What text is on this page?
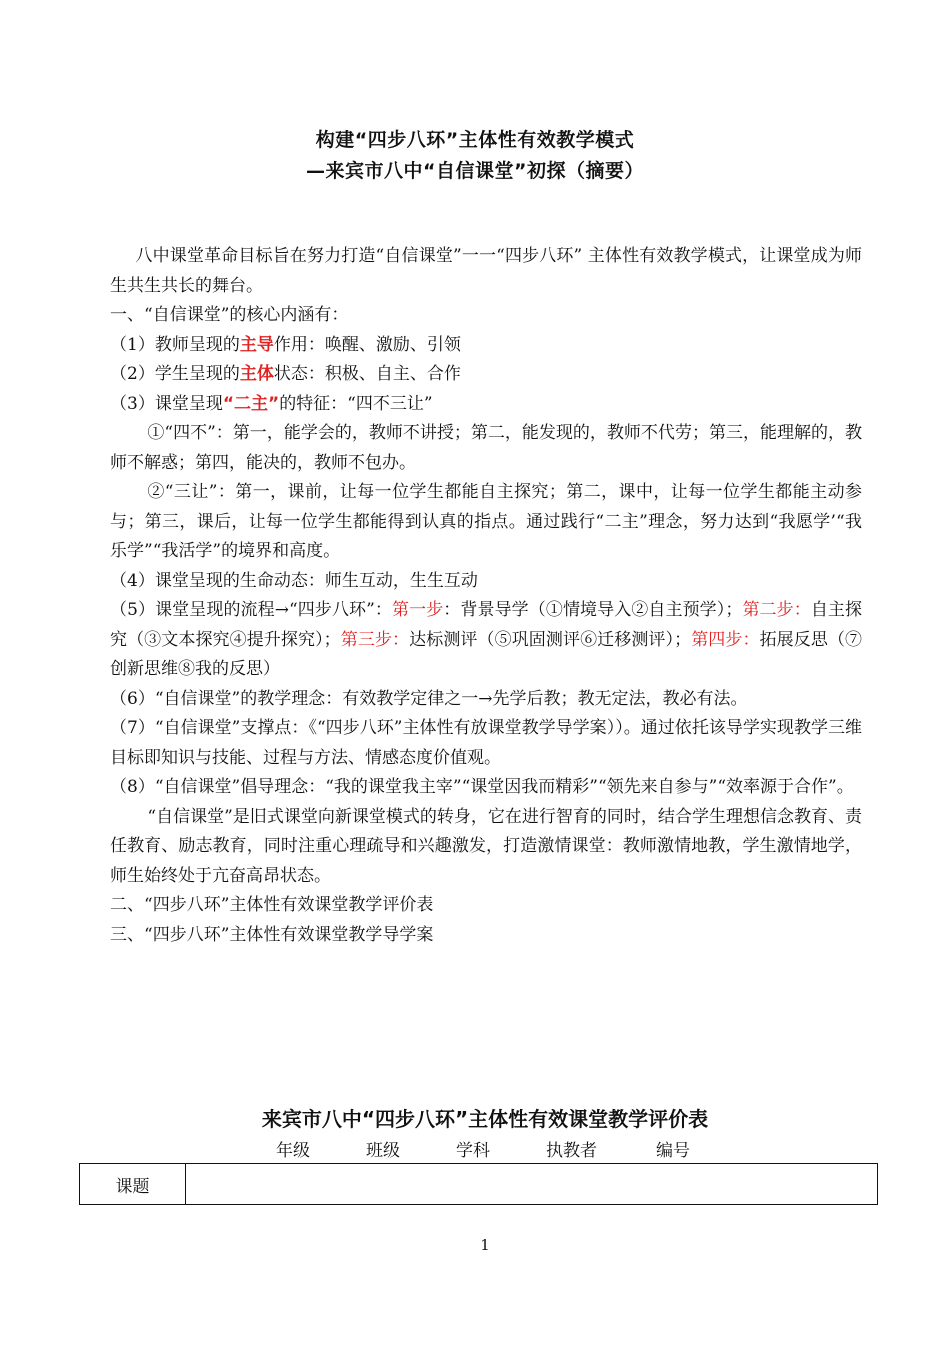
构建“四步八环”主体性有效教学模式
—来宾市八中“自信课堂”初探（摘要）

八中课堂革命目标旨在努力打造“自信课堂”一一“四步八环” 主体性有效教学模式，让课堂成为师生共生共长的舞台。

一、“自信课堂”的核心内涵有：

（1）教师呈现的主导作用：唤醒、激励、引领

（2）学生呈现的主体状态：积极、自主、合作

（3）课堂呈现“二主”的特征：“四不三让”

①“四不”：第一，能学会的，教师不讲授；第二，能发现的，教师不代劳；第三，能理解的，教师不解惑；第四，能决的，教师不包办。

②“三让”：第一，课前，让每一位学生都能自主探究；第二，课中，让每一位学生都能主动参与；第三，课后，让每一位学生都能得到认真的指点。通过践行“二主”理念，努力达到“我愿学’“我乐学”“我活学”的境界和高度。

（4）课堂呈现的生命动态：师生互动，生生互动

（5）课堂呈现的流程→“四步八环”：第一步：背景导学（①情境导入②自主预学）；第二步：自主探究（③文本探究④提升探究）；第三步：达标测评（⑤巩固测评⑥迁移测评）；第四步：拓展反思（⑦创新思维⑧我的反思）

（6）“自信课堂”的教学理念：有效教学定律之一→先学后教；教无定法，教必有法。

（7）“自信课堂”支撑点：《“四步八环”主体性有放课堂教学导学案））。通过依托该导学实现教学三维目标即知识与技能、过程与方法、情感态度价值观。

（8）“自信课堂”倡导理念：“我的课堂我主宰”“课堂因我而精彩”“领先来自参与”“效率源于合作”。

“自信课堂”是旧式课堂向新课堂模式的转身，它在进行智育的同时，结合学生理想信念教育、责任教育、励志教育，同时注重心理疏导和兴趣激发，打造激情课堂：教师激情地教，学生激情地学，师生始终处于亢奋高昂状态。

二、“四步八环”主体性有效课堂教学评价表

三、“四步八环”主体性有效课堂教学导学案

来宾市八中“四步八环”主体性有效课堂教学评价表
年级	班级	学科	执教者	编号
课题
1
